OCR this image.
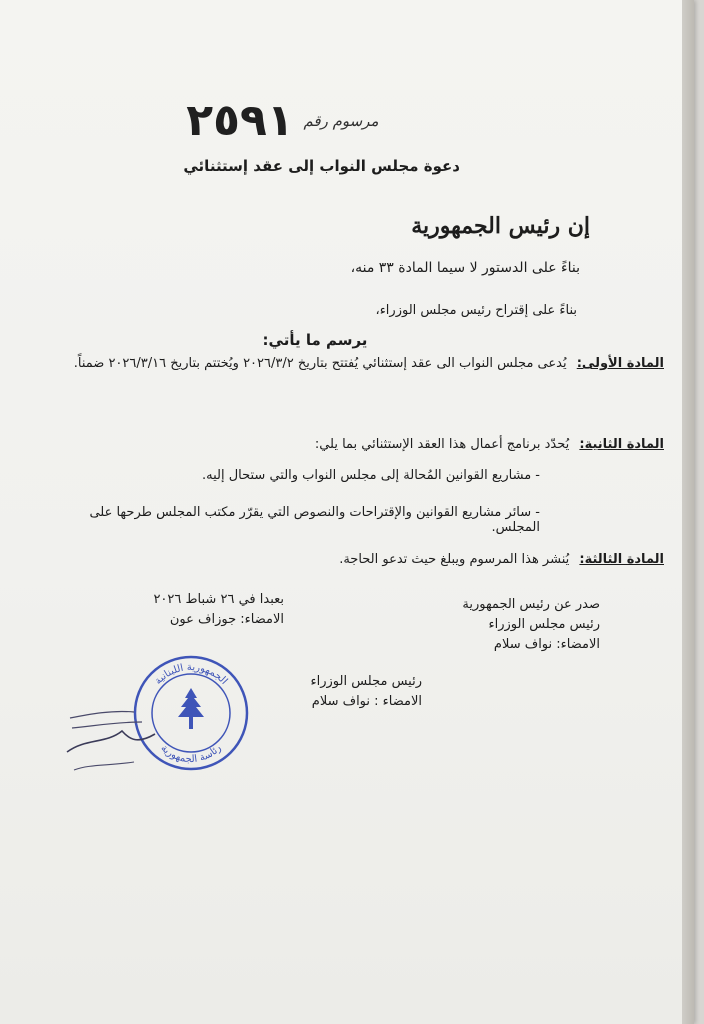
مرسوم رقم
٢٥٩١
دعوة مجلس النواب إلى عقد إستثنائي
إن رئيس الجمهورية
بناءً على الدستور لا سيما المادة ٣٣ منه،
بناءً على إقتراح رئيس مجلس الوزراء،
يرسم ما يأتي:
المادة الأولى: يُدعى مجلس النواب الى عقد إستثنائي يُفتتح بتاريخ ٢٠٢٦/٣/٢ ويُختتم بتاريخ ٢٠٢٦/٣/١٦ ضمناً.
المادة الثانية: يُحدّد برنامج أعمال هذا العقد الإستثنائي بما يلي:
- مشاريع القوانين المُحالة إلى مجلس النواب والتي ستحال إليه.
- سائر مشاريع القوانين والإقتراحات والنصوص التي يقرّر مكتب المجلس طرحها على المجلس.
المادة الثالثة: يُنشر هذا المرسوم ويبلغ حيث تدعو الحاجة.
بعبدا في ٢٦ شباط ٢٠٢٦
الامضاء: جوزاف عون
صدر عن رئيس الجمهورية
رئيس مجلس الوزراء
الامضاء: نواف سلام
رئيس مجلس الوزراء
الامضاء : نواف سلام
الجمهورية اللبنانية
رئاسة الجمهورية
